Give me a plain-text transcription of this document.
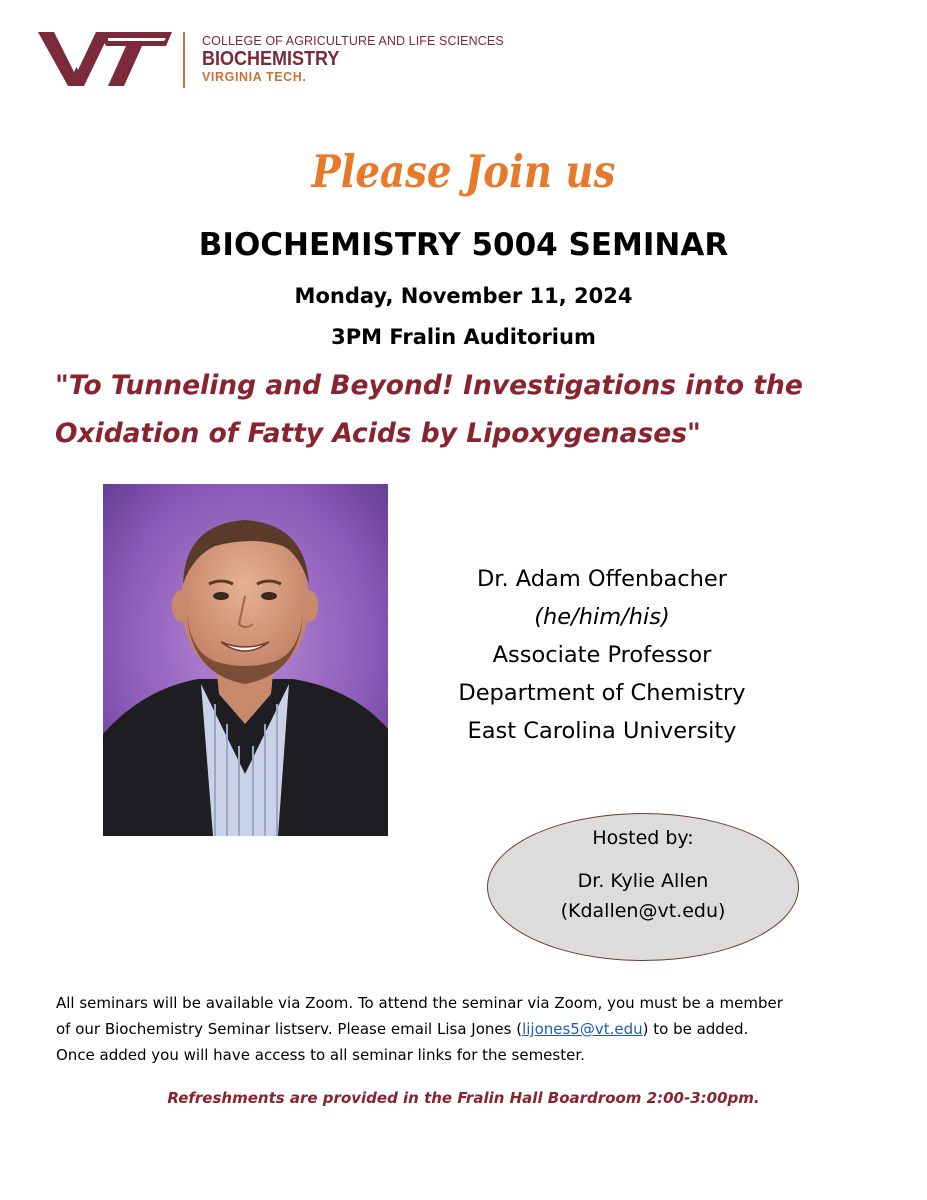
COLLEGE OF AGRICULTURE AND LIFE SCIENCES
BIOCHEMISTRY
VIRGINIA TECH.
Please Join us
BIOCHEMISTRY 5004 SEMINAR
Monday, November 11, 2024
3PM Fralin Auditorium
"To Tunneling and Beyond! Investigations into the
Oxidation of Fatty Acids by Lipoxygenases"
Dr. Adam Offenbacher
(he/him/his)
Associate Professor
Department of Chemistry
East Carolina University
Hosted by:
Dr. Kylie Allen
(Kdallen@vt.edu)
All seminars will be available via Zoom. To attend the seminar via Zoom, you must be a member
of our Biochemistry Seminar listserv. Please email Lisa Jones (lijones5@vt.edu) to be added.
Once added you will have access to all seminar links for the semester.
Refreshments are provided in the Fralin Hall Boardroom 2:00-3:00pm.
